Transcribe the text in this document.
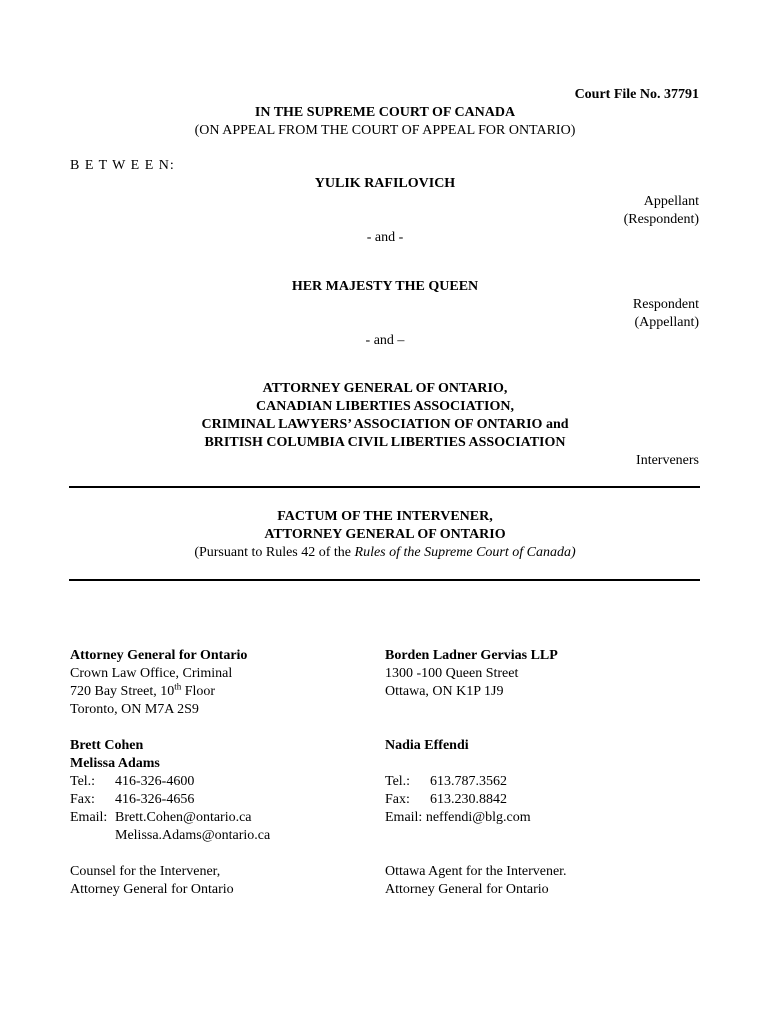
Court File No. 37791
IN THE SUPREME COURT OF CANADA
(ON APPEAL FROM THE COURT OF APPEAL FOR ONTARIO)
B E T W E E N:
YULIK RAFILOVICH
Appellant
(Respondent)
- and -
HER MAJESTY THE QUEEN
Respondent
(Appellant)
- and –
ATTORNEY GENERAL OF ONTARIO,
CANADIAN LIBERTIES ASSOCIATION,
CRIMINAL LAWYERS’ ASSOCIATION OF ONTARIO and
BRITISH COLUMBIA CIVIL LIBERTIES ASSOCIATION
Interveners
FACTUM OF THE INTERVENER,
ATTORNEY GENERAL OF ONTARIO
(Pursuant to Rules 42 of the Rules of the Supreme Court of Canada)
Attorney General for Ontario
Crown Law Office, Criminal
720 Bay Street, 10th Floor
Toronto, ON M7A 2S9
Brett Cohen
Melissa Adams
Tel.: 416-326-4600
Fax: 416-326-4656
Email: Brett.Cohen@ontario.ca
Melissa.Adams@ontario.ca
Counsel for the Intervener,
Attorney General for Ontario
Borden Ladner Gervias LLP
1300 -100 Queen Street
Ottawa, ON K1P 1J9
Nadia Effendi
Tel.: 613.787.3562
Fax: 613.230.8842
Email: neffendi@blg.com
Ottawa Agent for the Intervener.
Attorney General for Ontario
